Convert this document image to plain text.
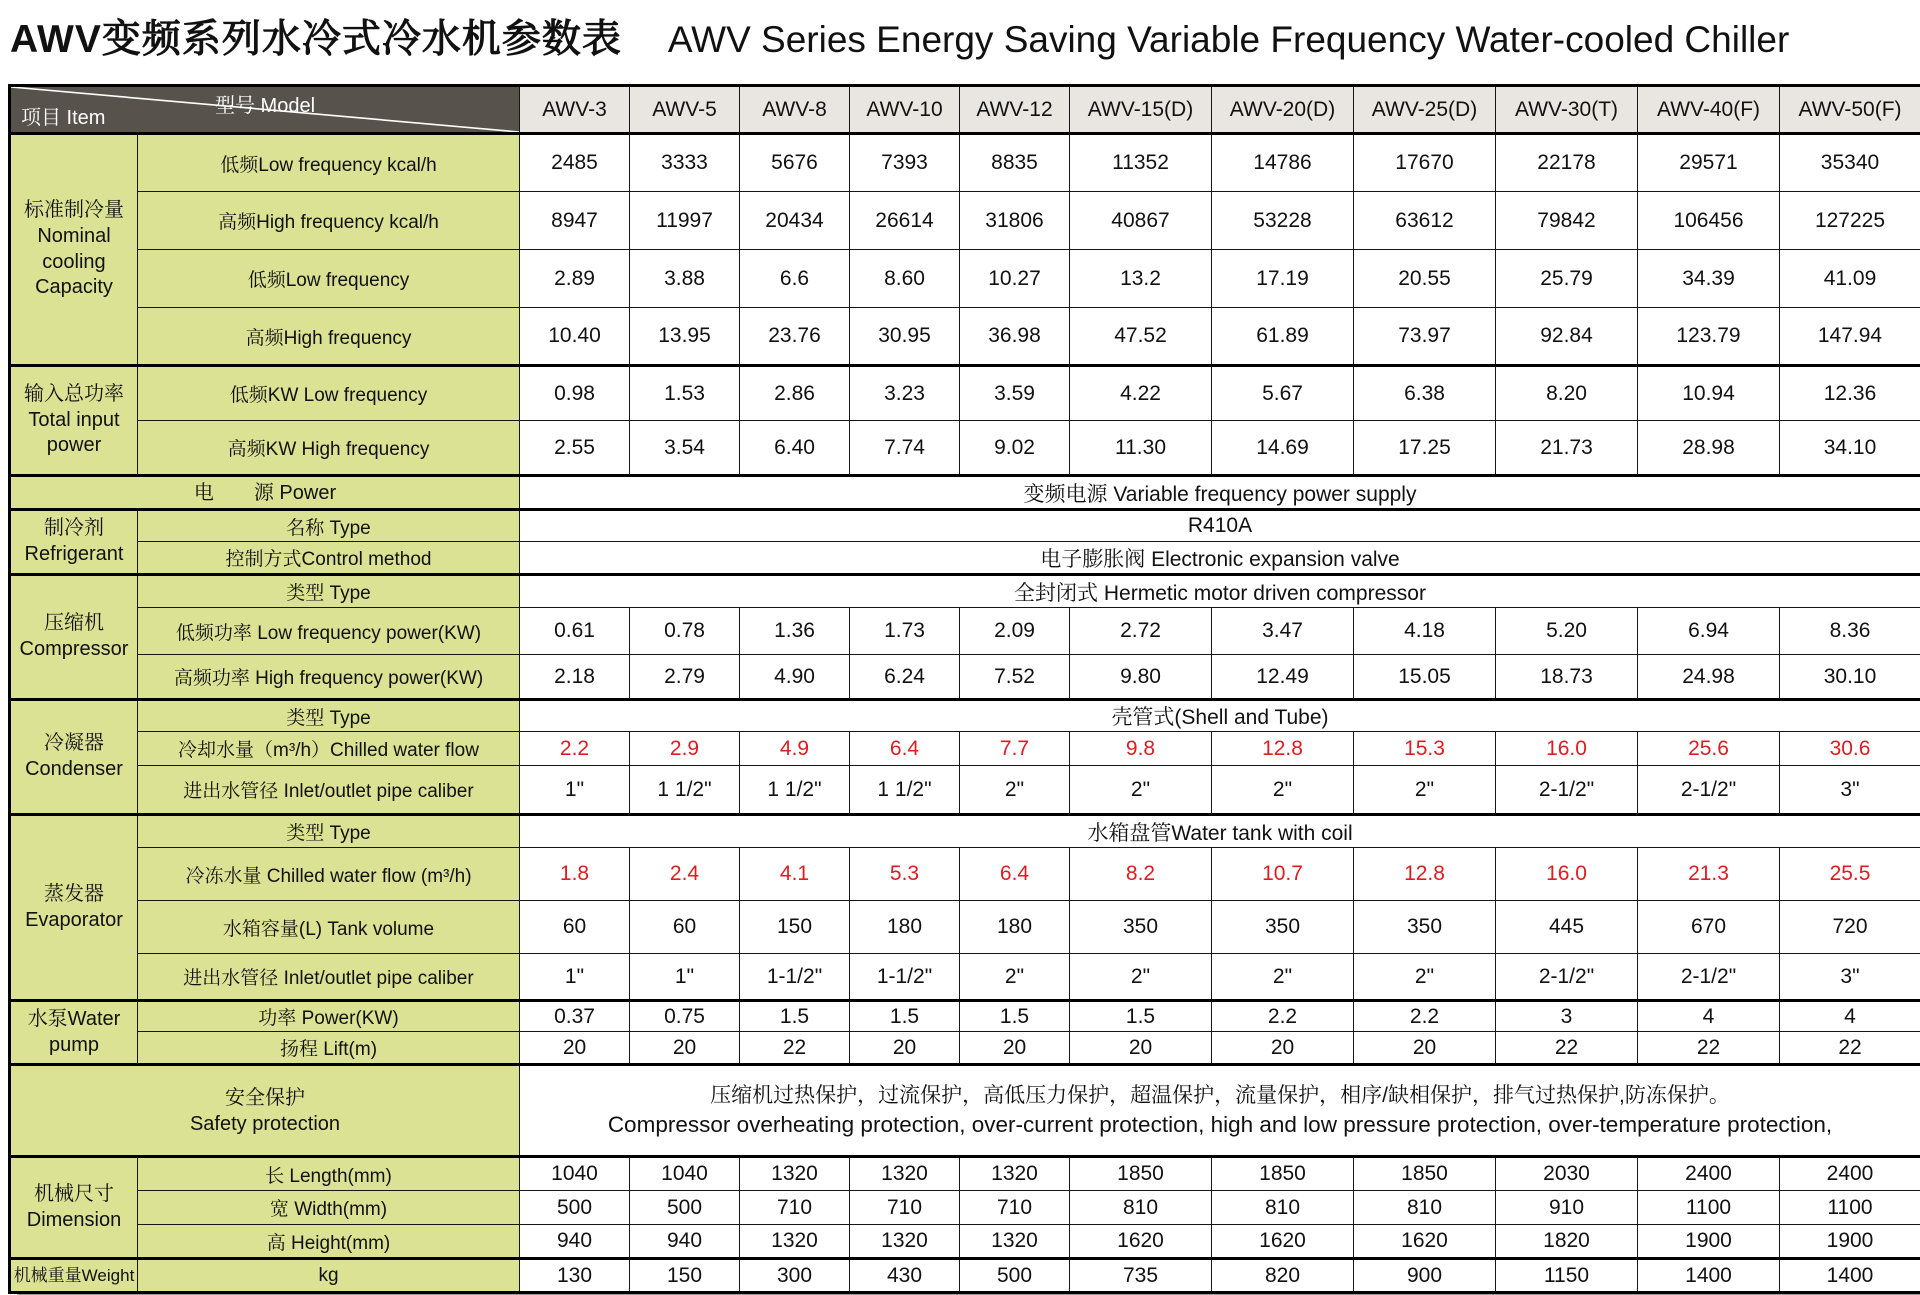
AWV变频系列水冷式冷水机参数表 AWV Series Energy Saving Variable Frequency Water-cooled Chiller
型号 Model
项目 Item		AWV-3	AWV-5	AWV-8	AWV-10	AWV-12	AWV-15(D)	AWV-20(D)	AWV-25(D)	AWV-30(T)	AWV-40(F)	AWV-50(F)

标准制冷量
Nominal cooling Capacity	低频Low frequency kcal/h	2485	3333	5676	7393	8835	11352	14786	17670	22178	29571	35340
	高频High frequency kcal/h	8947	11997	20434	26614	31806	40867	53228	63612	79842	106456	127225
	低频Low frequency	2.89	3.88	6.6	8.60	10.27	13.2	17.19	20.55	25.79	34.39	41.09
	高频High frequency	10.40	13.95	23.76	30.95	36.98	47.52	61.89	73.97	92.84	123.79	147.94

输入总功率
Total input power	低频KW Low frequency	0.98	1.53	2.86	3.23	3.59	4.22	5.67	6.38	8.20	10.94	12.36
	高频KW High frequency	2.55	3.54	6.40	7.74	9.02	11.30	14.69	17.25	21.73	28.98	34.10
电　　源 Power		变频电源 Variable frequency power supply										

制冷剂
Refrigerant	名称 Type	R410A										
	控制方式Control method	电子膨胀阀 Electronic expansion valve										

压缩机
Compressor	类型 Type	全封闭式 Hermetic motor driven compressor										
	低频功率 Low frequency power(KW)	0.61	0.78	1.36	1.73	2.09	2.72	3.47	4.18	5.20	6.94	8.36
	高频功率 High frequency power(KW)	2.18	2.79	4.90	6.24	7.52	9.80	12.49	15.05	18.73	24.98	30.10

冷凝器
Condenser	类型 Type	壳管式(Shell and Tube)										
	冷却水量（m³/h）Chilled water flow	2.2	2.9	4.9	6.4	7.7	9.8	12.8	15.3	16.0	25.6	30.6
	进出水管径 Inlet/outlet pipe caliber	1"	1 1/2"	1 1/2"	1 1/2"	2"	2"	2"	2"	2-1/2"	2-1/2"	3"

蒸发器
Evaporator	类型 Type	水箱盘管Water tank with coil										
	冷冻水量 Chilled water flow (m³/h)	1.8	2.4	4.1	5.3	6.4	8.2	10.7	12.8	16.0	21.3	25.5
	水箱容量(L) Tank volume	60	60	150	180	180	350	350	350	445	670	720
	进出水管径 Inlet/outlet pipe caliber	1"	1"	1-1/2"	1-1/2"	2"	2"	2"	2"	2-1/2"	2-1/2"	3"

水泵Water
pump	功率 Power(KW)	0.37	0.75	1.5	1.5	1.5	1.5	2.2	2.2	3	4	4
	扬程 Lift(m)	20	20	22	20	20	20	20	20	22	22	22

安全保护
Safety protection

压缩机过热保护，过流保护，高低压力保护，超温保护，流量保护，相序/缺相保护，排气过热保护,防冻保护。
Compressor overheating protection, over-current protection, high and low pressure protection, over-temperature protection,

机械尺寸
Dimension	长 Length(mm)	1040	1040	1320	1320	1320	1850	1850	1850	2030	2400	2400
	宽 Width(mm)	500	500	710	710	710	810	810	810	910	1100	1100
	高 Height(mm)	940	940	1320	1320	1320	1620	1620	1620	1820	1900	1900

机械重量Weight	kg	130	150	300	430	500	735	820	900	1150	1400	1400
